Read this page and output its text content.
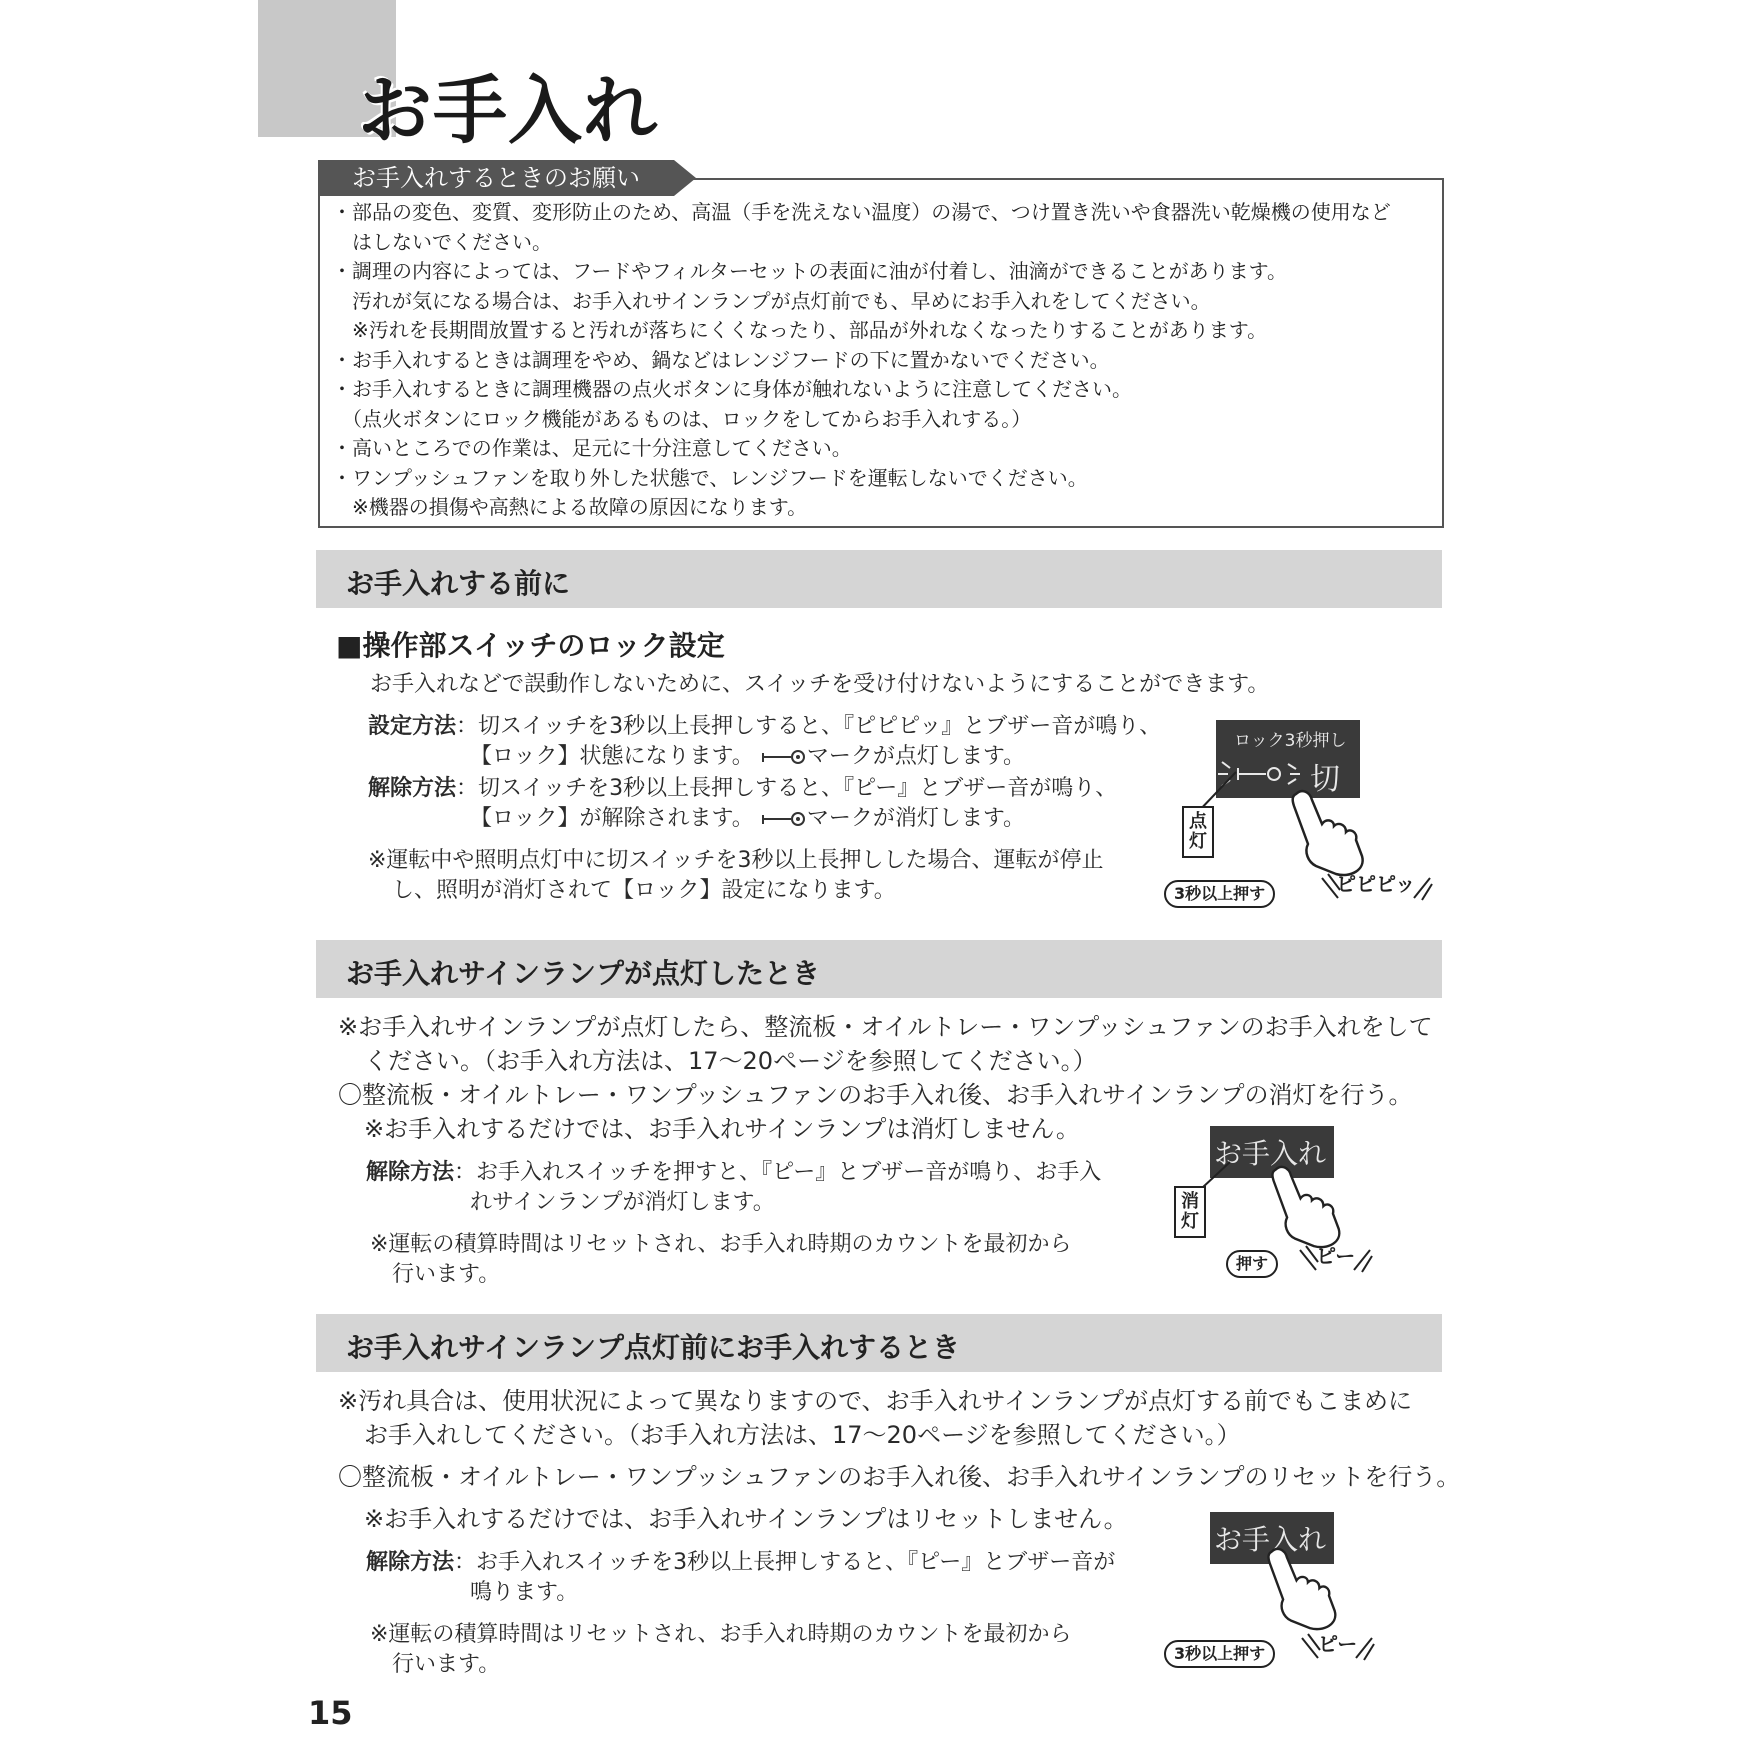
お手入れ
お手入れするときのお願い
・部品の変色、変質、変形防止のため、高温（手を洗えない温度）の湯で、つけ置き洗いや食器洗い乾燥機の使用など
　はしないでください。
・調理の内容によっては、フードやフィルターセットの表面に油が付着し、油滴ができることがあります。
　汚れが気になる場合は、お手入れサインランプが点灯前でも、早めにお手入れをしてください。
　※汚れを長期間放置すると汚れが落ちにくくなったり、部品が外れなくなったりすることがあります。
・お手入れするときは調理をやめ、鍋などはレンジフードの下に置かないでください。
・お手入れするときに調理機器の点火ボタンに身体が触れないように注意してください。
　（点火ボタンにロック機能があるものは、ロックをしてからお手入れする。）
・高いところでの作業は、足元に十分注意してください。
・ワンプッシュファンを取り外した状態で、レンジフードを運転しないでください。
　※機器の損傷や高熱による故障の原因になります。
お手入れする前に
■操作部スイッチのロック設定
お手入れなどで誤動作しないために、スイッチを受け付けないようにすることができます。
設定方法：切スイッチを3秒以上長押しすると、『ピピピッ』とブザー音が鳴り、
【ロック】状態になります。 マークが点灯します。
解除方法：切スイッチを3秒以上長押しすると、『ピー』とブザー音が鳴り、
【ロック】が解除されます。 マークが消灯します。
※運転中や照明点灯中に切スイッチを3秒以上長押しした場合、運転が停止
し、照明が消灯されて【ロック】設定になります。
ロック3秒押し
切
点灯
3秒以上押す	ピピピッ
お手入れサインランプが点灯したとき
※お手入れサインランプが点灯したら、整流板・オイルトレー・ワンプッシュファンのお手入れをして
ください。（お手入れ方法は、17〜20ページを参照してください。）
〇整流板・オイルトレー・ワンプッシュファンのお手入れ後、お手入れサインランプの消灯を行う。
※お手入れするだけでは、お手入れサインランプは消灯しません。
解除方法：お手入れスイッチを押すと、『ピー』とブザー音が鳴り、お手入
れサインランプが消灯します。
※運転の積算時間はリセットされ、お手入れ時期のカウントを最初から
行います。
お手入れ
消灯
押す	ピー
お手入れサインランプ点灯前にお手入れするとき
※汚れ具合は、使用状況によって異なりますので、お手入れサインランプが点灯する前でもこまめに
お手入れしてください。（お手入れ方法は、17〜20ページを参照してください。）
〇整流板・オイルトレー・ワンプッシュファンのお手入れ後、お手入れサインランプのリセットを行う。
※お手入れするだけでは、お手入れサインランプはリセットしません。
解除方法：お手入れスイッチを3秒以上長押しすると、『ピー』とブザー音が
鳴ります。
※運転の積算時間はリセットされ、お手入れ時期のカウントを最初から
行います。
お手入れ
3秒以上押す	ピー
15
